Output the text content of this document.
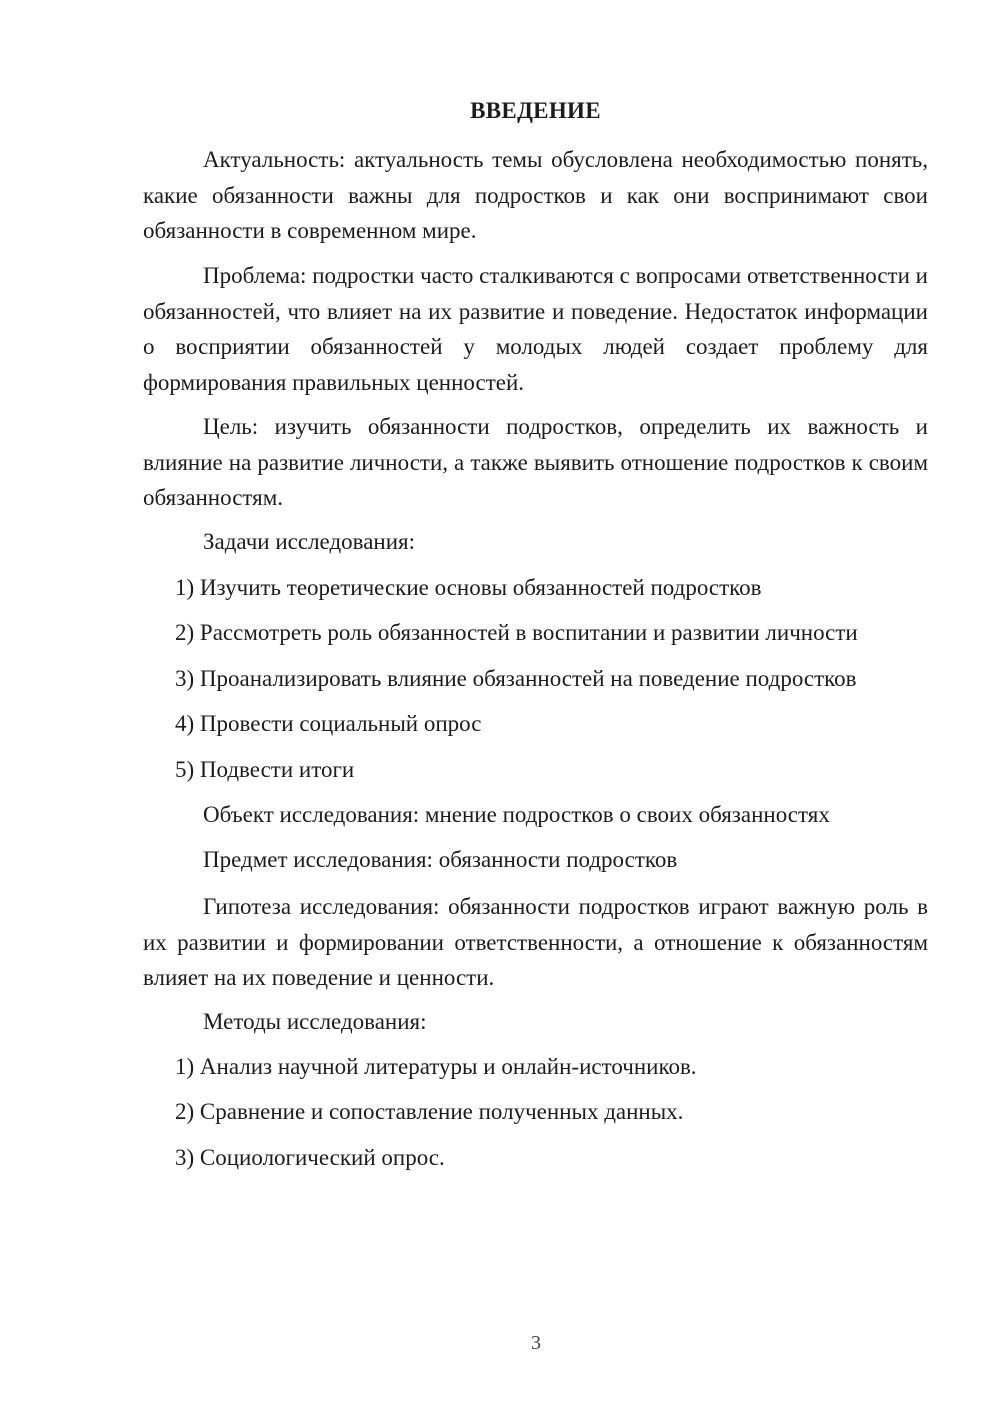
ВВЕДЕНИЕ

Актуальность: актуальность темы обусловлена необходимостью понять, какие обязанности важны для подростков и как они воспринимают свои обязанности в современном мире.

Проблема: подростки часто сталкиваются с вопросами ответственности и обязанностей, что влияет на их развитие и поведение. Недостаток информации о восприятии обязанностей у молодых людей создает проблему для формирования правильных ценностей.

Цель: изучить обязанности подростков, определить их важность и влияние на развитие личности, а также выявить отношение подростков к своим обязанностям.

Задачи исследования:

1) Изучить теоретические основы обязанностей подростков

2) Рассмотреть роль обязанностей в воспитании и развитии личности

3) Проанализировать влияние обязанностей на поведение подростков

4) Провести социальный опрос

5) Подвести итоги

Объект исследования: мнение подростков о своих обязанностях

Предмет исследования: обязанности подростков

Гипотеза исследования: обязанности подростков играют важную роль в их развитии и формировании ответственности, а отношение к обязанностям влияет на их поведение и ценности.

Методы исследования:

1) Анализ научной литературы и онлайн-источников.

2) Сравнение и сопоставление полученных данных.

3) Социологический опрос.

3
